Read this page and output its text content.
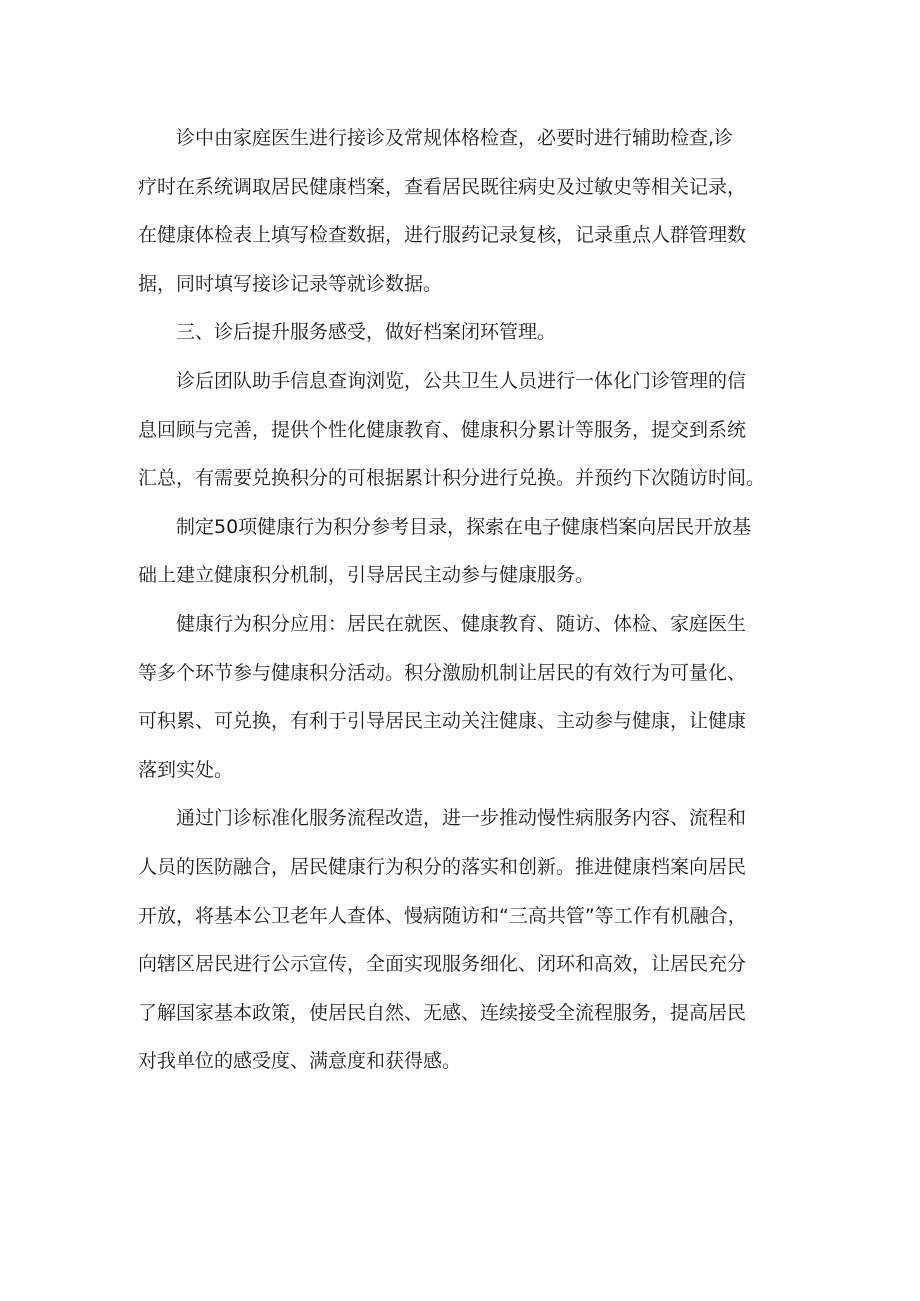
诊中由家庭医生进行接诊及常规体格检查，必要时进行辅助检查,诊
疗时在系统调取居民健康档案，查看居民既往病史及过敏史等相关记录，
在健康体检表上填写检查数据，进行服药记录复核，记录重点人群管理数
据，同时填写接诊记录等就诊数据。
三、诊后提升服务感受，做好档案闭环管理。
诊后团队助手信息查询浏览，公共卫生人员进行一体化门诊管理的信
息回顾与完善，提供个性化健康教育、健康积分累计等服务，提交到系统
汇总，有需要兑换积分的可根据累计积分进行兑换。并预约下次随访时间。
制定50项健康行为积分参考目录，探索在电子健康档案向居民开放基
础上建立健康积分机制，引导居民主动参与健康服务。
健康行为积分应用：居民在就医、健康教育、随访、体检、家庭医生
等多个环节参与健康积分活动。积分激励机制让居民的有效行为可量化、
可积累、可兑换，有利于引导居民主动关注健康、主动参与健康，让健康
落到实处。
通过门诊标准化服务流程改造，进一步推动慢性病服务内容、流程和
人员的医防融合，居民健康行为积分的落实和创新。推进健康档案向居民
开放，将基本公卫老年人查体、慢病随访和“三高共管”等工作有机融合，
向辖区居民进行公示宣传，全面实现服务细化、闭环和高效，让居民充分
了解国家基本政策，使居民自然、无感、连续接受全流程服务，提高居民
对我单位的感受度、满意度和获得感。
